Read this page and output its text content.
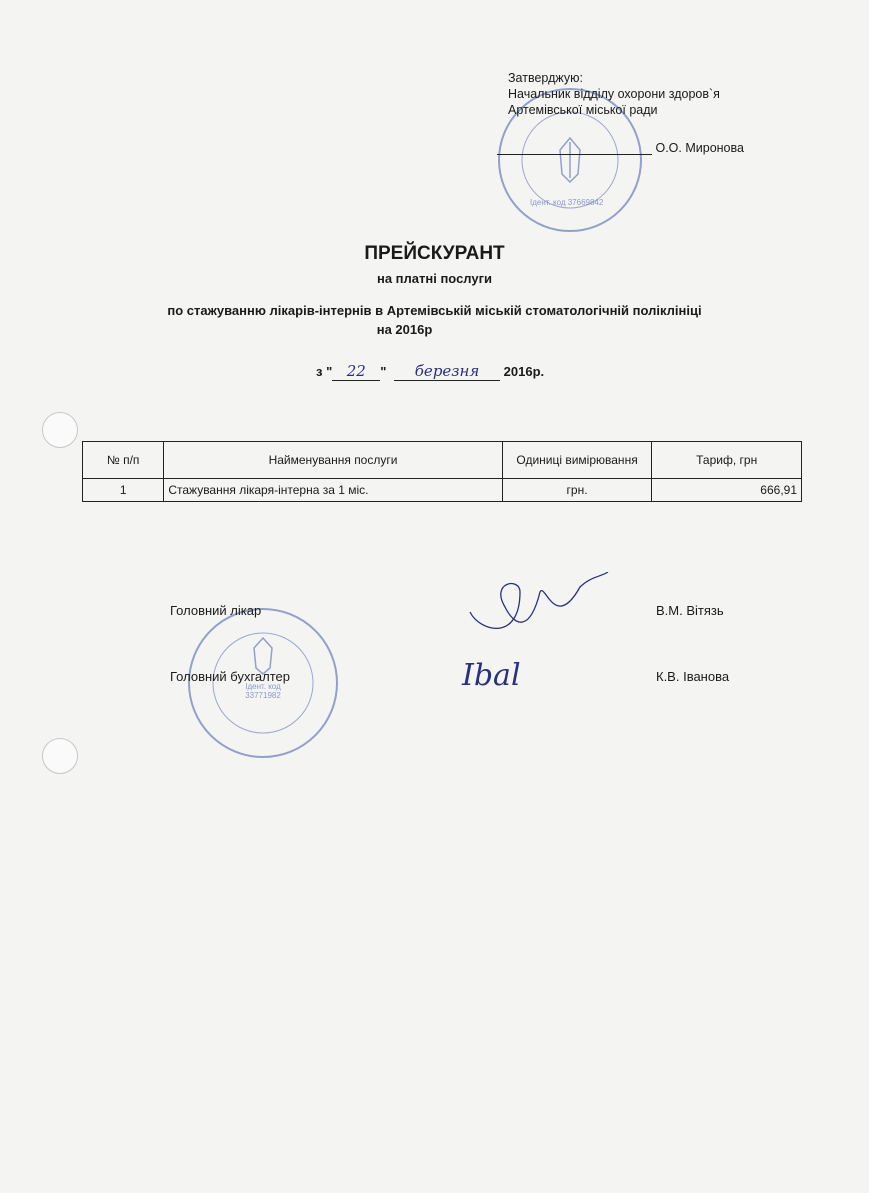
Ідент. код 37669842
Затверджую:
Начальник відділу охорони здоров`я
Артемівської міської ради
О.О. Миронова
ПРЕЙСКУРАНТ
на платні послуги
по стажуванню лікарів-інтернів в Артемівській міській стоматологічній поліклініці
на 2016р
з " 22 " березня 2016р.
№ п/п	Найменування послуги	Одиниці вимірювання	Тариф, грн
1	Стажування лікаря-інтерна за 1 міс.	грн.	666,91
Ідент. код 33771982
Головний лікар	В.М. Вітязь
Головний бухгалтер	Ibal	К.В. Іванова
